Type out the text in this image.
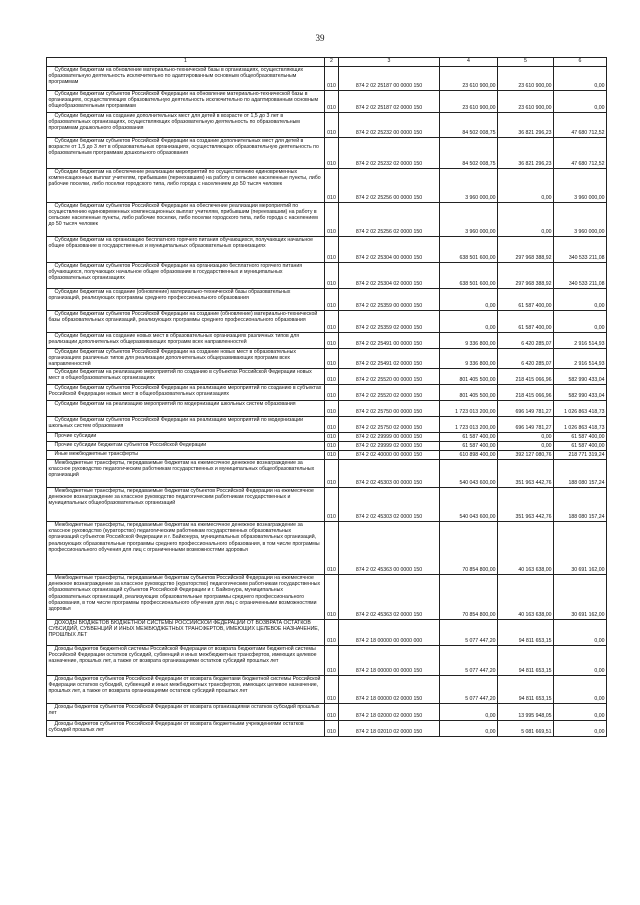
39
1	2	3	4	5	6
Субсидии бюджетам на обновление материально-технической базы в организациях, осуществляющих образовательную деятельность исключительно по адаптированным основным общеобразовательным программам	010	874 2 02 25187 00 0000 150	23 610 900,00	23 610 900,00	0,00
Субсидии бюджетам субъектов Российской Федерации на обновление материально-технической базы в организациях, осуществляющих образовательную деятельность исключительно по адаптированным основным общеобразовательным программам	010	874 2 02 25187 02 0000 150	23 610 900,00	23 610 900,00	0,00
Субсидии бюджетам на создание дополнительных мест для детей в возрасте от 1,5 до 3 лет в образовательных организациях, осуществляющих образовательную деятельность по образовательным программам дошкольного образования	010	874 2 02 25232 00 0000 150	84 502 008,75	36 821 296,23	47 680 712,52
Субсидии бюджетам субъектов Российской Федерации на создание дополнительных мест для детей в возрасте от 1,5 до 3 лет в образовательных организациях, осуществляющих образовательную деятельность по образовательным программам дошкольного образования	010	874 2 02 25232 02 0000 150	84 502 008,75	36 821 296,23	47 680 712,52
Субсидии бюджетам на обеспечение реализации мероприятий по осуществлению единовременных компенсационных выплат учителям, прибывшим (переехавшим) на работу в сельские населенные пункты, либо рабочие поселки, либо поселки городского типа, либо города с населением до 50 тысяч человек	010	874 2 02 25256 00 0000 150	3 960 000,00	0,00	3 960 000,00
Субсидии бюджетам субъектов Российской Федерации на обеспечение реализации мероприятий по осуществлению единовременных компенсационных выплат учителям, прибывшим (переехавшим) на работу в сельские населенные пункты, либо рабочие поселки, либо поселки городского типа, либо города с населением до 50 тысяч человек	010	874 2 02 25256 02 0000 150	3 960 000,00	0,00	3 960 000,00
Субсидии бюджетам на организацию бесплатного горячего питания обучающихся, получающих начальное общее образование в государственных и муниципальных образовательных организациях	010	874 2 02 25304 00 0000 150	638 501 600,00	297 968 388,92	340 533 211,08
Субсидии бюджетам субъектов Российской Федерации на организацию бесплатного горячего питания обучающихся, получающих начальное общее образование в государственных и муниципальных образовательных организациях	010	874 2 02 25304 02 0000 150	638 501 600,00	297 968 388,92	340 533 211,08
Субсидии бюджетам на создание (обновление) материально-технической базы образовательных организаций, реализующих программы среднего профессионального образования	010	874 2 02 25359 00 0000 150	0,00	61 587 400,00	0,00
Субсидии бюджетам субъектов Российской Федерации на создание (обновление) материально-технической базы образовательных организаций, реализующих программы среднего профессионального образования	010	874 2 02 25359 02 0000 150	0,00	61 587 400,00	0,00
Субсидии бюджетам на создание новых мест в образовательных организациях различных типов для реализации дополнительных общеразвивающих программ всех направленностей	010	874 2 02 25491 00 0000 150	9 336 800,00	6 420 285,07	2 916 514,93
Субсидии бюджетам субъектов Российской Федерации на создание новых мест в образовательных организациях различных типов для реализации дополнительных общеразвивающих программ всех направленностей	010	874 2 02 25491 02 0000 150	9 336 800,00	6 420 285,07	2 916 514,93
Субсидии бюджетам на реализацию мероприятий по созданию в субъектах Российской Федерации новых мест в общеобразовательных организациях	010	874 2 02 25520 00 0000 150	801 405 500,00	218 415 066,96	582 990 433,04
Субсидии бюджетам субъектов Российской Федерации на реализацию мероприятий по созданию в субъектах Российской Федерации новых мест в общеобразовательных организациях	010	874 2 02 25520 02 0000 150	801 405 500,00	218 415 066,96	582 990 433,04
Субсидии бюджетам на реализацию мероприятий по модернизации школьных систем образования	010	874 2 02 25750 00 0000 150	1 723 013 200,00	696 149 781,27	1 026 863 418,73
Субсидии бюджетам субъектов Российской Федерации на реализацию мероприятий по модернизации школьных систем образования	010	874 2 02 25750 02 0000 150	1 723 013 200,00	696 149 781,27	1 026 863 418,73
Прочие субсидии	010	874 2 02 29999 00 0000 150	61 587 400,00	0,00	61 587 400,00
Прочие субсидии бюджетам субъектов Российской Федерации	010	874 2 02 29999 02 0000 150	61 587 400,00	0,00	61 587 400,00
Иные межбюджетные трансферты	010	874 2 02 40000 00 0000 150	610 898 400,00	392 127 080,76	218 771 319,24
Межбюджетные трансферты, передаваемые бюджетам на ежемесячное денежное вознаграждение за классное руководство педагогическим работникам государственных и муниципальных общеобразовательных организаций	010	874 2 02 45303 00 0000 150	540 043 600,00	351 963 442,76	188 080 157,24
Межбюджетные трансферты, передаваемые бюджетам субъектов Российской Федерации на ежемесячное денежное вознаграждение за классное руководство педагогическим работникам государственных и муниципальных общеобразовательных организаций	010	874 2 02 45303 02 0000 150	540 043 600,00	351 963 442,76	188 080 157,24
Межбюджетные трансферты, передаваемые бюджетам на ежемесячное денежное вознаграждение за классное руководство (кураторство) педагогическим работникам государственных образовательных организаций субъектов Российской Федерации и г. Байконура, муниципальных образовательных организаций, реализующих образовательные программы среднего профессионального образования, в том числе программы профессионального обучения для лиц с ограниченными возможностями здоровья	010	874 2 02 45363 00 0000 150	70 854 800,00	40 163 638,00	30 691 162,00
Межбюджетные трансферты, передаваемые бюджетам субъектов Российской Федерации на ежемесячное денежное вознаграждение за классное руководство (кураторство) педагогическим работникам государственных образовательных организаций субъектов Российской Федерации и г. Байконура, муниципальных образовательных организаций, реализующих образовательные программы среднего профессионального образования, в том числе программы профессионального обучения для лиц с ограниченными возможностями здоровья	010	874 2 02 45363 02 0000 150	70 854 800,00	40 163 638,00	30 691 162,00
ДОХОДЫ БЮДЖЕТОВ БЮДЖЕТНОЙ СИСТЕМЫ РОССИЙСКОЙ ФЕДЕРАЦИИ ОТ ВОЗВРАТА ОСТАТКОВ СУБСИДИЙ, СУБВЕНЦИЙ И ИНЫХ МЕЖБЮДЖЕТНЫХ ТРАНСФЕРТОВ, ИМЕЮЩИХ ЦЕЛЕВОЕ НАЗНАЧЕНИЕ, ПРОШЛЫХ ЛЕТ	010	874 2 18 00000 00 0000 000	5 077 447,20	94 811 653,15	0,00
Доходы бюджетов бюджетной системы Российской Федерации от возврата бюджетами бюджетной системы Российской Федерации остатков субсидий, субвенций и иных межбюджетных трансфертов, имеющих целевое назначение, прошлых лет, а также от возврата организациями остатков субсидий прошлых лет	010	874 2 18 00000 00 0000 150	5 077 447,20	94 811 653,15	0,00
Доходы бюджетов субъектов Российской Федерации от возврата бюджетами бюджетной системы Российской Федерации остатков субсидий, субвенций и иных межбюджетных трансфертов, имеющих целевое назначение, прошлых лет, а также от возврата организациями остатков субсидий прошлых лет	010	874 2 18 00000 02 0000 150	5 077 447,20	94 811 653,15	0,00
Доходы бюджетов субъектов Российской Федерации от возврата организациями остатков субсидий прошлых лет	010	874 2 18 02000 02 0000 150	0,00	13 995 948,05	0,00
Доходы бюджетов субъектов Российской Федерации от возврата бюджетными учреждениями остатков субсидий прошлых лет	010	874 2 18 02010 02 0000 150	0,00	5 081 669,51	0,00
